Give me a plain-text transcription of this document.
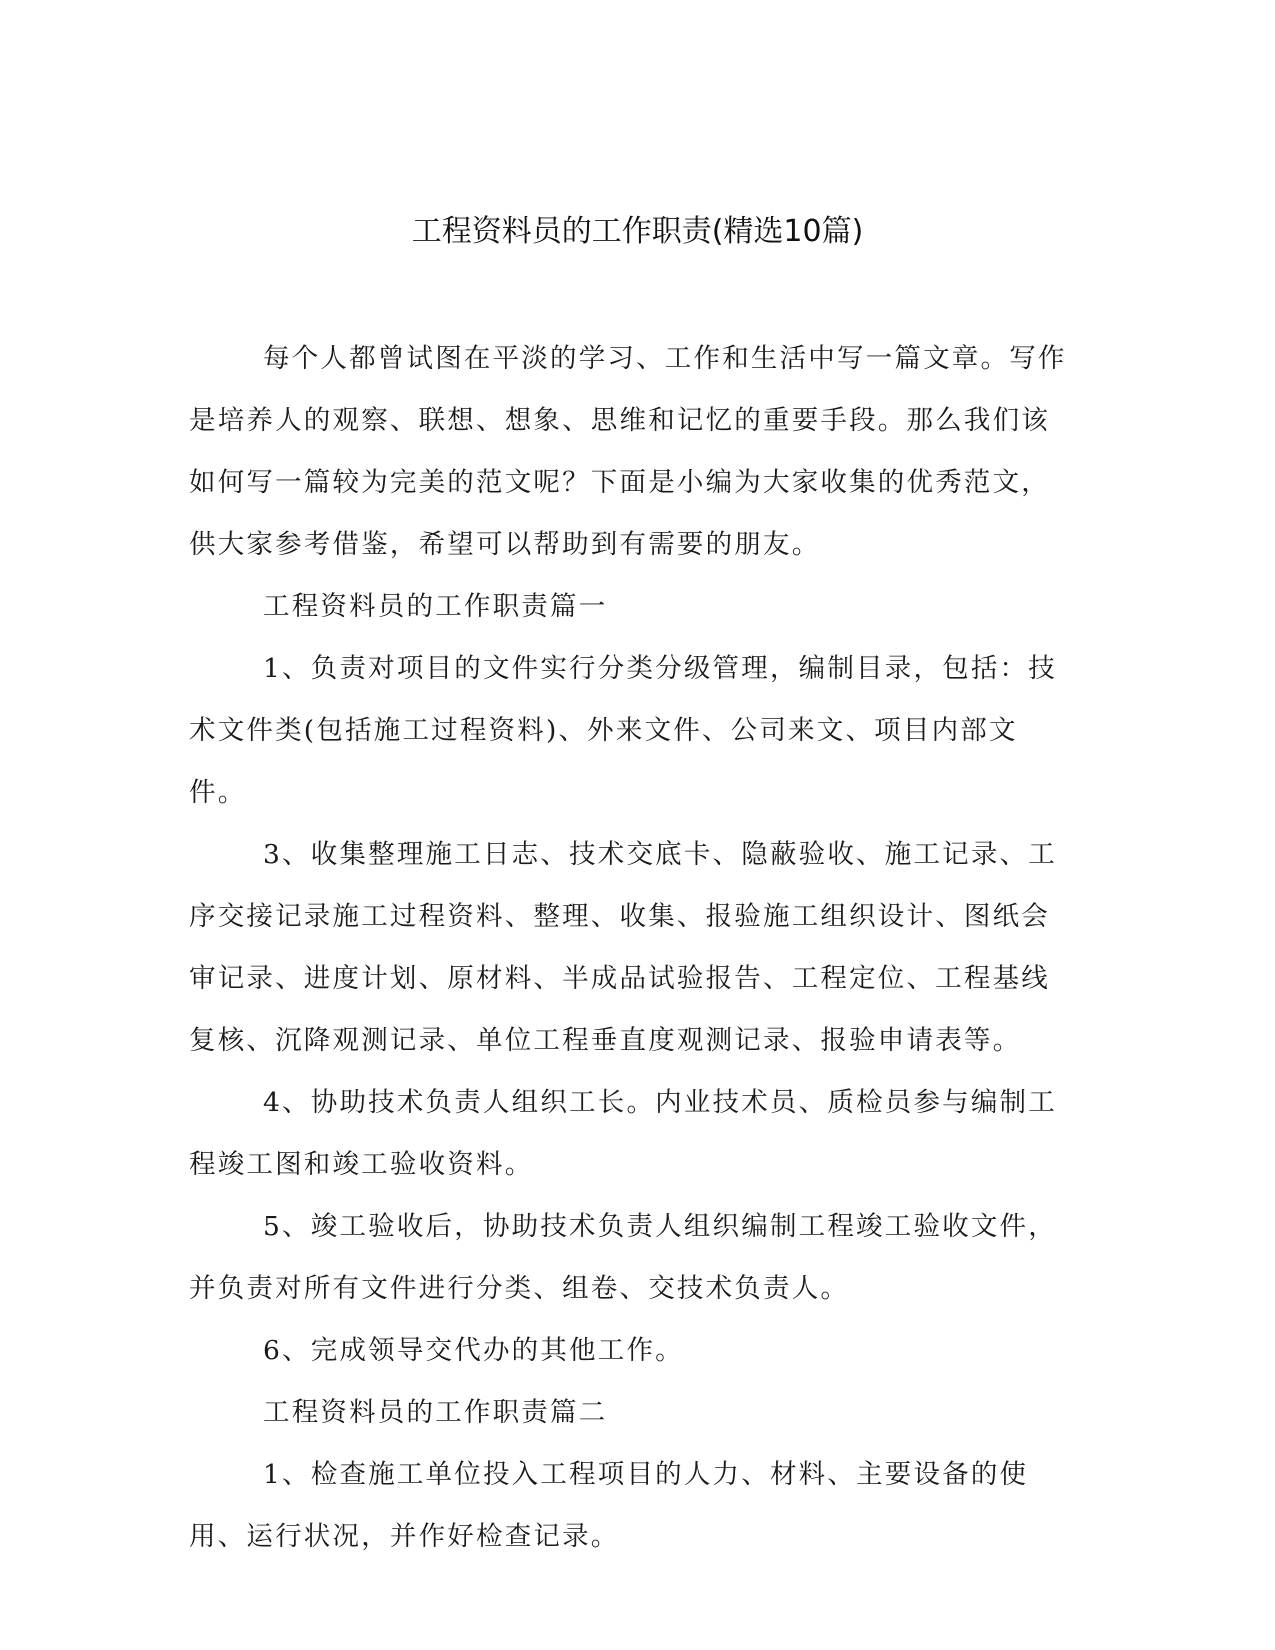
工程资料员的工作职责(精选10篇)

每个人都曾试图在平淡的学习、工作和生活中写一篇文章。写作是培养人的观察、联想、想象、思维和记忆的重要手段。那么我们该如何写一篇较为完美的范文呢？下面是小编为大家收集的优秀范文，供大家参考借鉴，希望可以帮助到有需要的朋友。

工程资料员的工作职责篇一

1、负责对项目的文件实行分类分级管理，编制目录，包括：技术文件类(包括施工过程资料)、外来文件、公司来文、项目内部文件。

3、收集整理施工日志、技术交底卡、隐蔽验收、施工记录、工序交接记录施工过程资料、整理、收集、报验施工组织设计、图纸会审记录、进度计划、原材料、半成品试验报告、工程定位、工程基线复核、沉降观测记录、单位工程垂直度观测记录、报验申请表等。

4、协助技术负责人组织工长。内业技术员、质检员参与编制工程竣工图和竣工验收资料。

5、竣工验收后，协助技术负责人组织编制工程竣工验收文件，并负责对所有文件进行分类、组卷、交技术负责人。

6、完成领导交代办的其他工作。

工程资料员的工作职责篇二

1、检查施工单位投入工程项目的人力、材料、主要设备的使用、运行状况，并作好检查记录。
